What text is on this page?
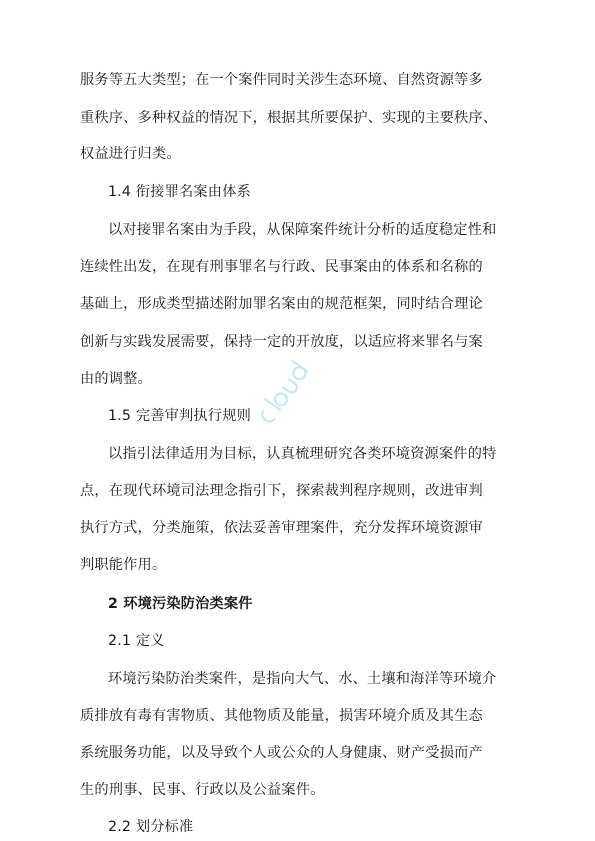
服务等五大类型；在一个案件同时关涉生态环境、自然资源等多
重秩序、多种权益的情况下，根据其所要保护、实现的主要秩序、
权益进行归类。
1.4 衔接罪名案由体系
以对接罪名案由为手段，从保障案件统计分析的适度稳定性和
连续性出发，在现有刑事罪名与行政、民事案由的体系和名称的
基础上，形成类型描述附加罪名案由的规范框架，同时结合理论
创新与实践发展需要，保持一定的开放度，以适应将来罪名与案
由的调整。
1.5 完善审判执行规则
以指引法律适用为目标，认真梳理研究各类环境资源案件的特
点，在现代环境司法理念指引下，探索裁判程序规则，改进审判
执行方式，分类施策，依法妥善审理案件，充分发挥环境资源审
判职能作用。
2 环境污染防治类案件
2.1 定义
环境污染防治类案件，是指向大气、水、土壤和海洋等环境介
质排放有毒有害物质、其他物质及能量，损害环境介质及其生态
系统服务功能，以及导致个人或公众的人身健康、财产受损而产
生的刑事、民事、行政以及公益案件。
2.2 划分标准
